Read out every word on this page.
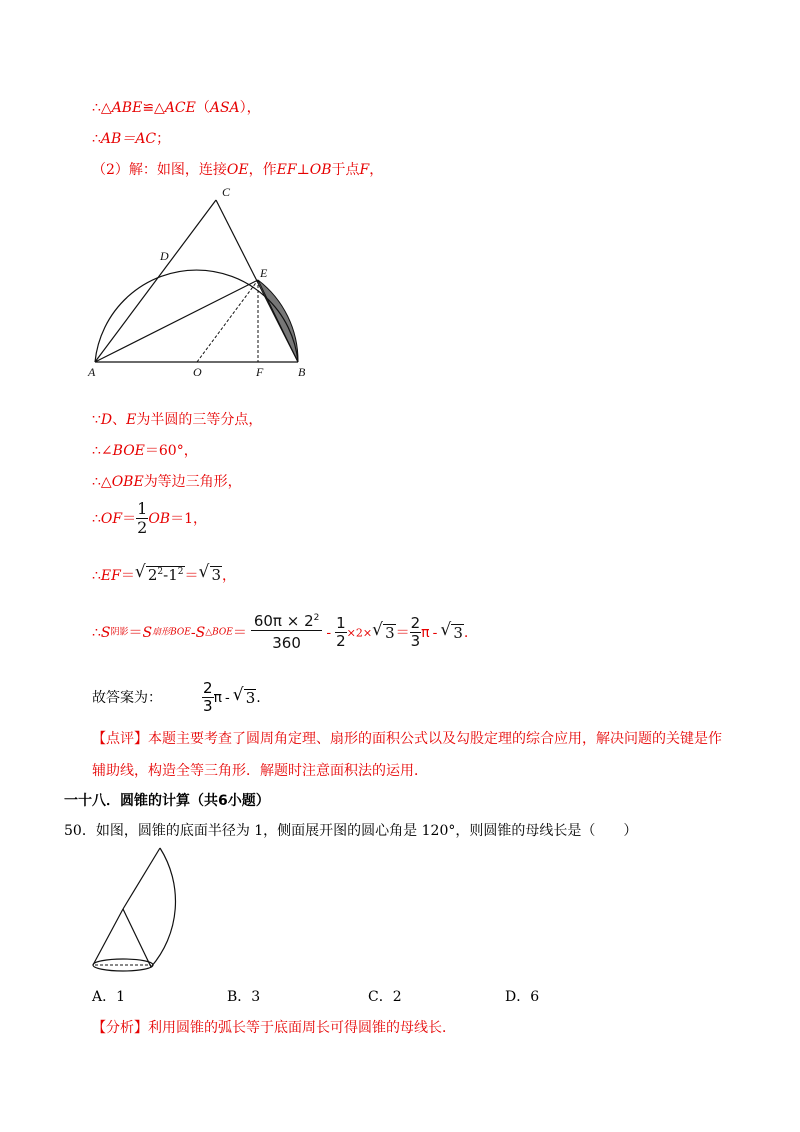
∴△ABE≌△ACE（ASA），
∴AB＝AC；
（2）解：如图，连接OE，作EF⊥OB于点F，
C
D
E
A	O	F	B
∵D、E为半圆的三等分点，
∴∠BOE＝60°，
∴△OBE为等边三角形，
∴OF＝ $\frac{1}{2} OB=1$，
∴EF＝ √ $2^2-1^2=$ √ 3，
∴S阴影＝S扇形BOE-S△BOE＝ $\frac{60\pi \times 2^2}{360} - \frac{1}{2} \times 2\times$ √ $3= \frac{2}{3}$ π - √ 3.
故答案为：	$\frac{2}{3}$ π - √ 3.
【点评】本题主要考查了圆周角定理、扇形的面积公式以及勾股定理的综合应用，解决问题的关键是作
辅助线，构造全等三角形．解题时注意面积法的运用．
一十八．圆锥的计算（共6小题）
50．如图，圆锥的底面半径为 1，侧面展开图的圆心角是 120°，则圆锥的母线长是（　　）
A．1	B．3	C．2	D．6
【分析】利用圆锥的弧长等于底面周长可得圆锥的母线长．
